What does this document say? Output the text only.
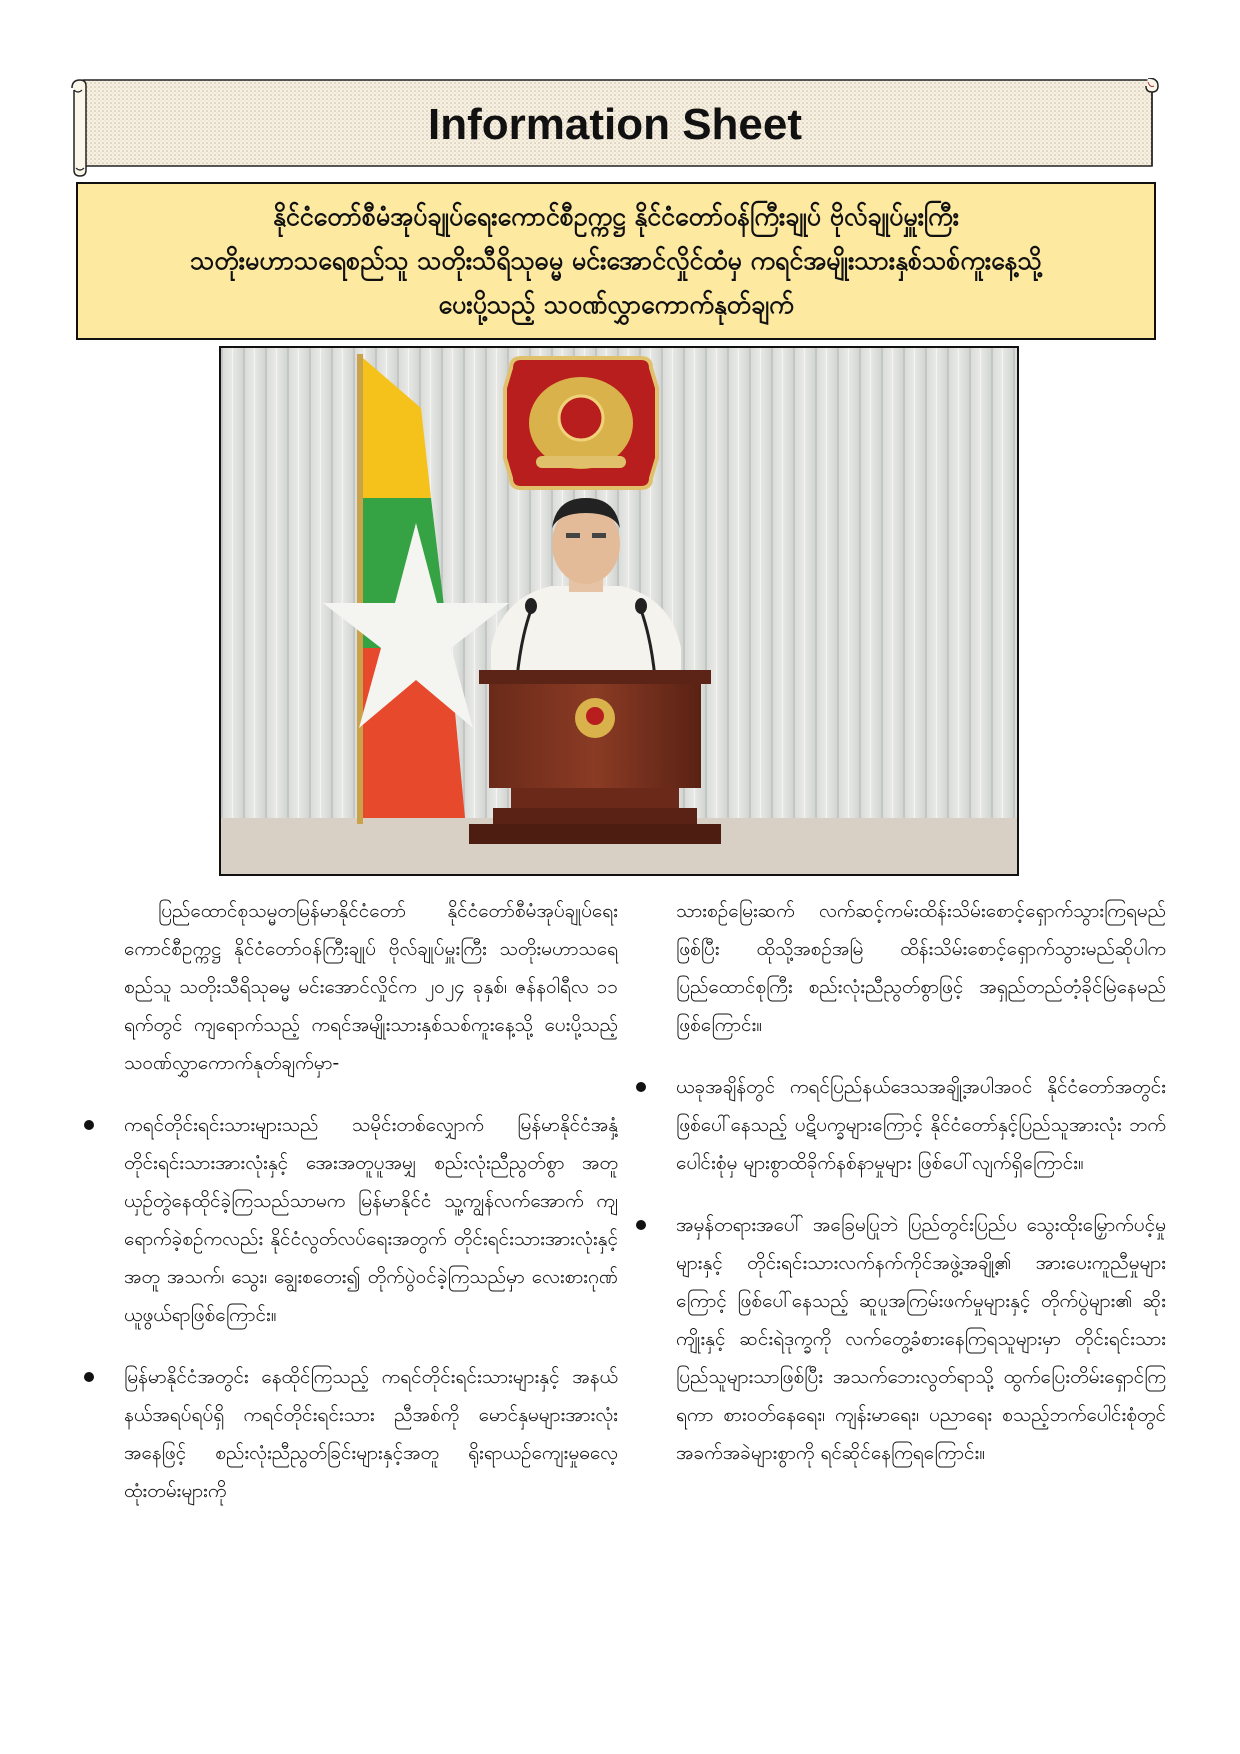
Information Sheet
နိုင်ငံတော်စီမံအုပ်ချုပ်ရေးကောင်စီဥက္ကဋ္ဌ နိုင်ငံတော်ဝန်ကြီးချုပ် ဗိုလ်ချုပ်မှူးကြီး
သတိုးမဟာသရေစည်သူ သတိုးသီရိသုဓမ္မ မင်းအောင်လှိုင်ထံမှ ကရင်အမျိုးသားနှစ်သစ်ကူးနေ့သို့
ပေးပို့သည့် သဝဏ်လွှာကောက်နုတ်ချက်

ပြည်ထောင်စုသမ္မတမြန်မာနိုင်ငံတော် နိုင်ငံတော်စီမံအုပ်ချုပ်ရေးကောင်စီဥက္ကဋ္ဌ နိုင်ငံတော်ဝန်ကြီးချုပ် ဗိုလ်ချုပ်မှူးကြီး သတိုးမဟာသရေစည်သူ သတိုးသီရိသုဓမ္မ မင်းအောင်လှိုင်က ၂၀၂၄ ခုနှစ်၊ ဇန်နဝါရီလ ၁၁ ရက်တွင် ကျရောက်သည့် ကရင်အမျိုးသားနှစ်သစ်ကူးနေ့သို့ ပေးပို့သည့် သဝဏ်လွှာကောက်နုတ်ချက်မှာ-

ကရင်တိုင်းရင်းသားများသည် သမိုင်းတစ်လျှောက် မြန်မာနိုင်ငံအနှံ့ တိုင်းရင်းသားအားလုံးနှင့် အေးအတူပူအမျှ စည်းလုံးညီညွတ်စွာ အတူယှဉ်တွဲနေထိုင်ခဲ့ကြသည်သာမက မြန်မာနိုင်ငံ သူ့ကျွန်လက်အောက် ကျရောက်ခဲ့စဉ်ကလည်း နိုင်ငံလွတ်လပ်ရေးအတွက် တိုင်းရင်းသားအားလုံးနှင့်အတူ အသက်၊ သွေး၊ ချွေးစတေး၍ တိုက်ပွဲဝင်ခဲ့ကြသည်မှာ လေးစားဂုဏ်ယူဖွယ်ရာဖြစ်ကြောင်း။
မြန်မာနိုင်ငံအတွင်း နေထိုင်ကြသည့် ကရင်တိုင်းရင်းသားများနှင့် အနယ်နယ်အရပ်ရပ်ရှိ ကရင်တိုင်းရင်းသား ညီအစ်ကို မောင်နှမများအားလုံးအနေဖြင့် စည်းလုံးညီညွတ်ခြင်းများနှင့်အတူ ရိုးရာယဉ်ကျေးမှုဓလေ့ထုံးတမ်းများကို

သားစဉ်မြေးဆက် လက်ဆင့်ကမ်းထိန်းသိမ်းစောင့်ရှောက်သွားကြရမည်ဖြစ်ပြီး ထိုသို့အစဉ်အမြဲ ထိန်းသိမ်းစောင့်ရှောက်သွားမည်ဆိုပါက ပြည်ထောင်စုကြီး စည်းလုံးညီညွတ်စွာဖြင့် အရှည်တည်တံ့ခိုင်မြဲနေမည်ဖြစ်ကြောင်း။

ယခုအချိန်တွင် ကရင်ပြည်နယ်ဒေသအချို့အပါအဝင် နိုင်ငံတော်အတွင်း ဖြစ်ပေါ်နေသည့် ပဋိပက္ခများကြောင့် နိုင်ငံတော်နှင့်ပြည်သူအားလုံး ဘက်ပေါင်းစုံမှ များစွာထိခိုက်နစ်နာမှုများ ဖြစ်ပေါ်လျက်ရှိကြောင်း။
အမှန်တရားအပေါ် အခြေမပြုဘဲ ပြည်တွင်းပြည်ပ သွေးထိုးမြှောက်ပင့်မှုများနှင့် တိုင်းရင်းသားလက်နက်ကိုင်အဖွဲ့အချို့၏ အားပေးကူညီမှုများကြောင့် ဖြစ်ပေါ်နေသည့် ဆူပူအကြမ်းဖက်မှုများနှင့် တိုက်ပွဲများ၏ ဆိုးကျိုးနှင့် ဆင်းရဲဒုက္ခကို လက်တွေ့ခံစားနေကြရသူများမှာ တိုင်းရင်းသားပြည်သူများသာဖြစ်ပြီး အသက်ဘေးလွတ်ရာသို့ ထွက်ပြေးတိမ်းရှောင်ကြရကာ စားဝတ်နေရေး၊ ကျန်းမာရေး၊ ပညာရေး စသည့်ဘက်ပေါင်းစုံတွင် အခက်အခဲများစွာကို ရင်ဆိုင်နေကြရကြောင်း။
